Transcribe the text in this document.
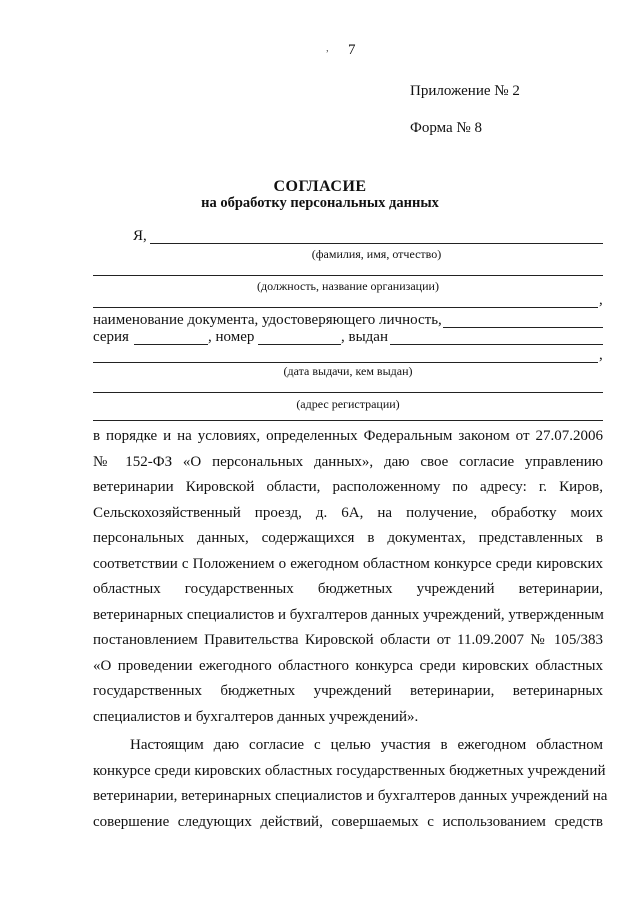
, 7
Приложение № 2
Форма № 8
СОГЛАСИЕ
на обработку персональных данных
Я,
(фамилия, имя, отчество)
(должность, название организации)
,
наименование документа, удостоверяющего личность,
серия	, номер	, выдан
,
(дата выдачи, кем выдан)
(адрес регистрации)
в порядке и на условиях, определенных Федеральным законом от 27.07.2006
№ 152-ФЗ «О персональных данных», даю свое согласие управлению
ветеринарии Кировской области, расположенному по адресу: г. Киров,
Сельскохозяйственный проезд, д. 6А, на получение, обработку моих
персональных данных, содержащихся в документах, представленных в
соответствии с Положением о ежегодном областном конкурсе среди кировских
областных государственных бюджетных учреждений ветеринарии,
ветеринарных специалистов и бухгалтеров данных учреждений, утвержденным
постановлением Правительства Кировской области от 11.09.2007 № 105/383
«О проведении ежегодного областного конкурса среди кировских областных
государственных бюджетных учреждений ветеринарии, ветеринарных
специалистов и бухгалтеров данных учреждений».
Настоящим даю согласие с целью участия в ежегодном областном
конкурсе среди кировских областных государственных бюджетных учреждений
ветеринарии, ветеринарных специалистов и бухгалтеров данных учреждений на
совершение следующих действий, совершаемых с использованием средств
